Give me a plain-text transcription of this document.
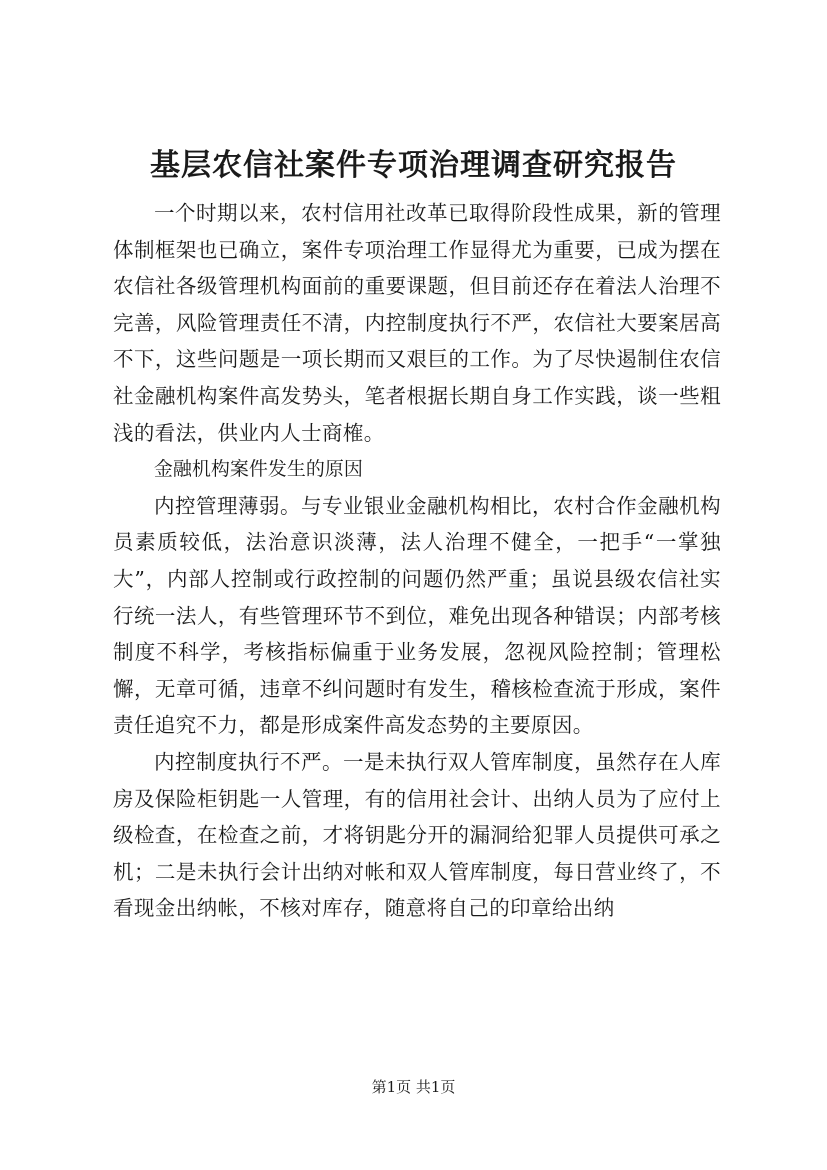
基层农信社案件专项治理调查研究报告

一个时期以来，农村信用社改革已取得阶段性成果，新的管理体制框架也已确立，案件专项治理工作显得尤为重要，已成为摆在农信社各级管理机构面前的重要课题，但目前还存在着法人治理不完善，风险管理责任不清，内控制度执行不严，农信社大要案居高不下，这些问题是一项长期而又艰巨的工作。为了尽快遏制住农信社金融机构案件高发势头，笔者根据长期自身工作实践，谈一些粗浅的看法，供业内人士商榷。

金融机构案件发生的原因

内控管理薄弱。与专业银业金融机构相比，农村合作金融机构员素质较低，法治意识淡薄，法人治理不健全，一把手“一掌独大”，内部人控制或行政控制的问题仍然严重；虽说县级农信社实行统一法人，有些管理环节不到位，难免出现各种错误；内部考核制度不科学，考核指标偏重于业务发展，忽视风险控制；管理松懈，无章可循，违章不纠问题时有发生，稽核检查流于形成，案件责任追究不力，都是形成案件高发态势的主要原因。

内控制度执行不严。一是未执行双人管库制度，虽然存在人库房及保险柜钥匙一人管理，有的信用社会计、出纳人员为了应付上级检查，在检查之前，才将钥匙分开的漏洞给犯罪人员提供可承之机；二是未执行会计出纳对帐和双人管库制度，每日营业终了，不看现金出纳帐，不核对库存，随意将自己的印章给出纳

第1页 共1页
